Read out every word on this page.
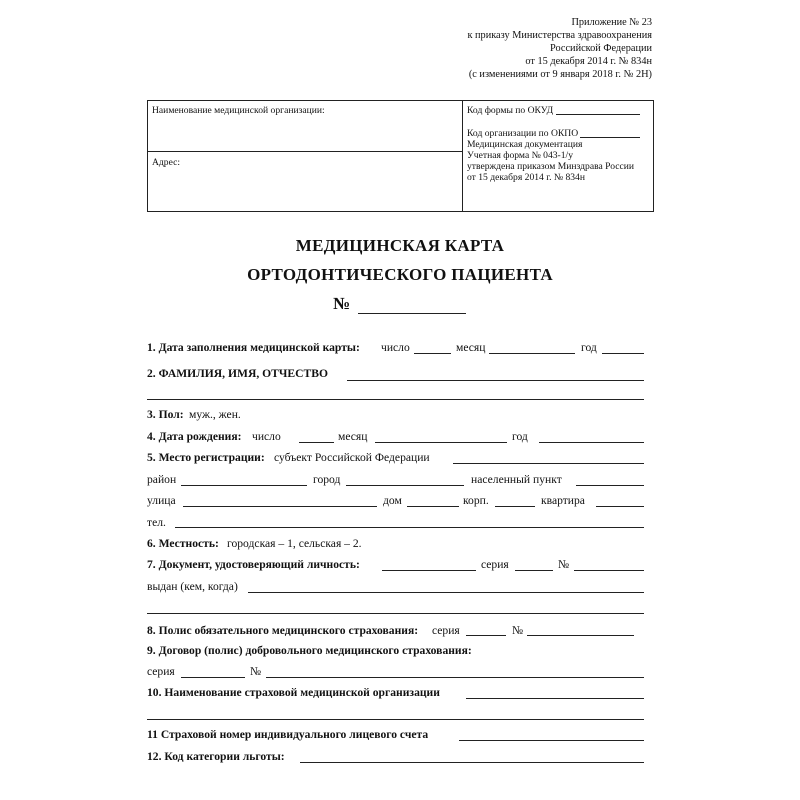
Приложение № 23
к приказу Министерства здравоохранения
Российской Федерации
от 15 декабря 2014 г. № 834н
(с изменениями от 9 января 2018 г. № 2Н)
Наименование медицинской организации:
Адрес:
Код формы по ОКУД
Код организации по ОКПО
Медицинская документация
Учетная форма № 043-1/у
утверждена приказом Минздрава России
от 15 декабря 2014 г. № 834н
МЕДИЦИНСКАЯ КАРТА
ОРТОДОНТИЧЕСКОГО ПАЦИЕНТА
№
1. Дата заполнения медицинской карты: число	месяц	год
2. ФАМИЛИЯ, ИМЯ, ОТЧЕСТВО
3. Пол: муж., жен.
4. Дата рождения: число	месяц	год
5. Место регистрации: субъект Российской Федерации
район	город	населенный пункт
улица	дом	корп.	квартира
тел.
6. Местность: городская – 1, сельская – 2.
7. Документ, удостоверяющий личность:	серия	№
выдан (кем, когда)
8. Полис обязательного медицинского страхования: серия	№
9. Договор (полис) добровольного медицинского страхования:
серия	№
10. Наименование страховой медицинской организации
11 Страховой номер индивидуального лицевого счета
12. Код категории льготы:
